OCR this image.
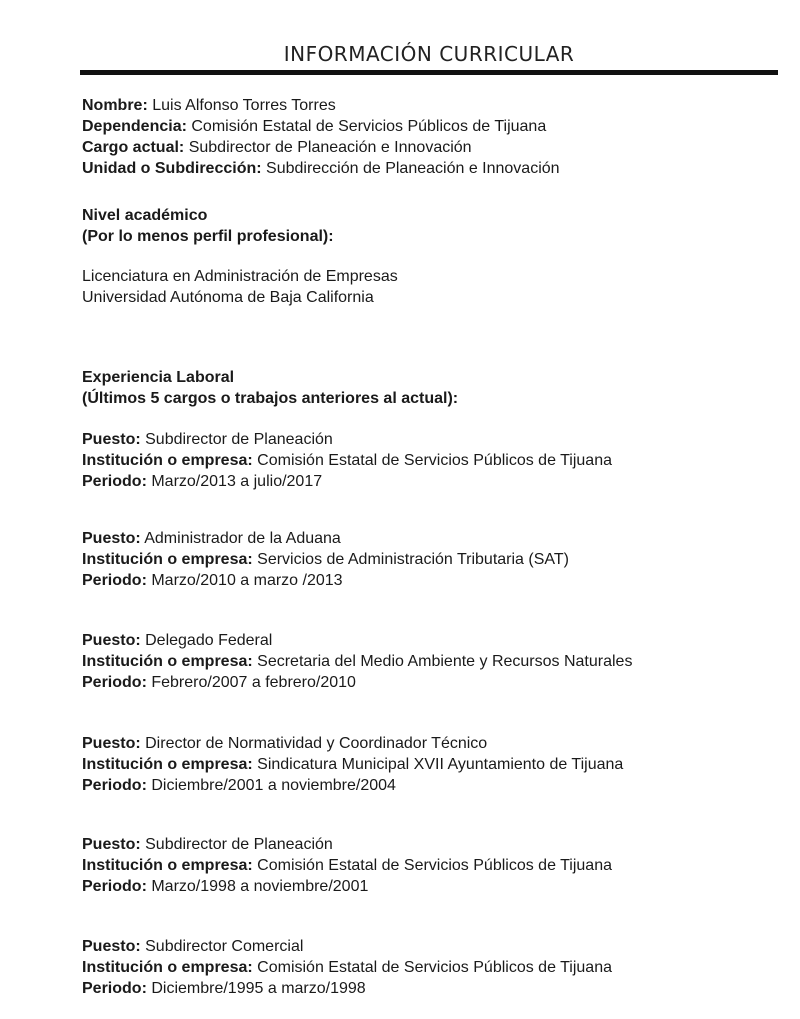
INFORMACIÓN CURRICULAR
Nombre: Luis Alfonso Torres Torres
Dependencia: Comisión Estatal de Servicios Públicos de Tijuana
Cargo actual: Subdirector de Planeación e Innovación
Unidad o Subdirección: Subdirección de Planeación e Innovación
Nivel académico
(Por lo menos perfil profesional):
Licenciatura en Administración de Empresas
Universidad Autónoma de Baja California
Experiencia Laboral
(Últimos 5 cargos o trabajos anteriores al actual):
Puesto: Subdirector de Planeación
Institución o empresa: Comisión Estatal de Servicios Públicos de Tijuana
Periodo: Marzo/2013 a julio/2017
Puesto: Administrador de la Aduana
Institución o empresa: Servicios de Administración Tributaria (SAT)
Periodo: Marzo/2010 a marzo /2013
Puesto: Delegado Federal
Institución o empresa: Secretaria del Medio Ambiente y Recursos Naturales
Periodo: Febrero/2007 a febrero/2010
Puesto: Director de Normatividad y Coordinador Técnico
Institución o empresa: Sindicatura Municipal XVII Ayuntamiento de Tijuana
Periodo: Diciembre/2001 a noviembre/2004
Puesto: Subdirector de Planeación
Institución o empresa: Comisión Estatal de Servicios Públicos de Tijuana
Periodo: Marzo/1998 a noviembre/2001
Puesto: Subdirector Comercial
Institución o empresa: Comisión Estatal de Servicios Públicos de Tijuana
Periodo: Diciembre/1995 a marzo/1998
